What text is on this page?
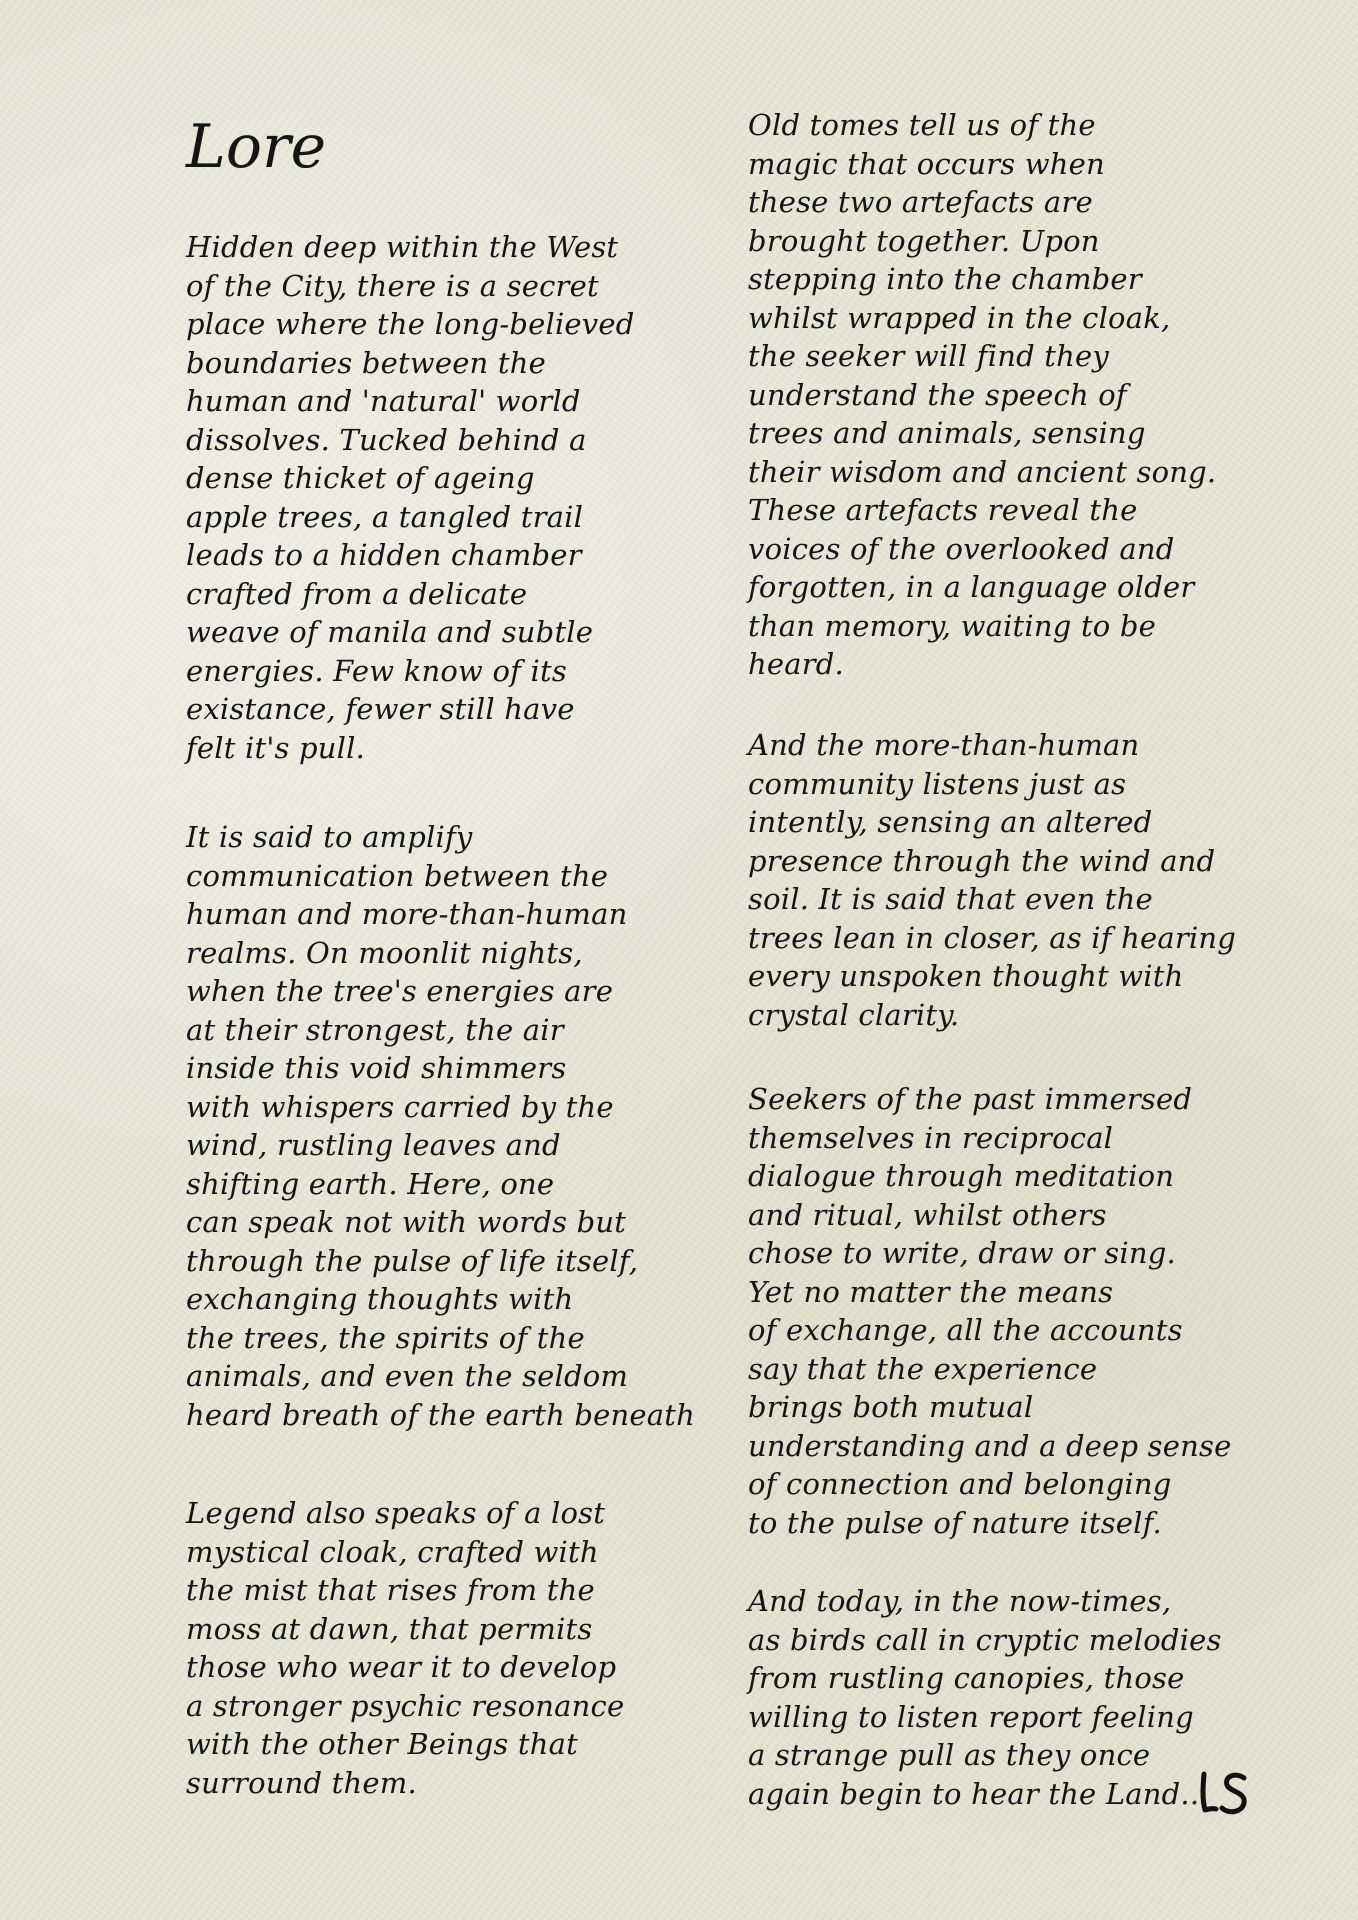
Lore

Hidden deep within the West
of the City, there is a secret
place where the long-believed
boundaries between the
human and 'natural' world
dissolves. Tucked behind a
dense thicket of ageing
apple trees, a tangled trail
leads to a hidden chamber
crafted from a delicate
weave of manila and subtle
energies. Few know of its
existance, fewer still have
felt it's pull.

It is said to amplify
communication between the
human and more-than-human
realms. On moonlit nights,
when the tree's energies are
at their strongest, the air
inside this void shimmers
with whispers carried by the
wind, rustling leaves and
shifting earth. Here, one
can speak not with words but
through the pulse of life itself,
exchanging thoughts with
the trees, the spirits of the
animals, and even the seldom
heard breath of the earth beneath

Legend also speaks of a lost
mystical cloak, crafted with
the mist that rises from the
moss at dawn, that permits
those who wear it to develop
a stronger psychic resonance
with the other Beings that
surround them.

Old tomes tell us of the
magic that occurs when
these two artefacts are
brought together. Upon
stepping into the chamber
whilst wrapped in the cloak,
the seeker will find they
understand the speech of
trees and animals, sensing
their wisdom and ancient song.
These artefacts reveal the
voices of the overlooked and
forgotten, in a language older
than memory, waiting to be
heard.

And the more-than-human
community listens just as
intently, sensing an altered
presence through the wind and
soil. It is said that even the
trees lean in closer, as if hearing
every unspoken thought with
crystal clarity.

Seekers of the past immersed
themselves in reciprocal
dialogue through meditation
and ritual, whilst others
chose to write, draw or sing.
Yet no matter the means
of exchange, all the accounts
say that the experience
brings both mutual
understanding and a deep sense
of connection and belonging
to the pulse of nature itself.

And today, in the now-times,
as birds call in cryptic melodies
from rustling canopies, those
willing to listen report feeling
a strange pull as they once
again begin to hear the Land...
